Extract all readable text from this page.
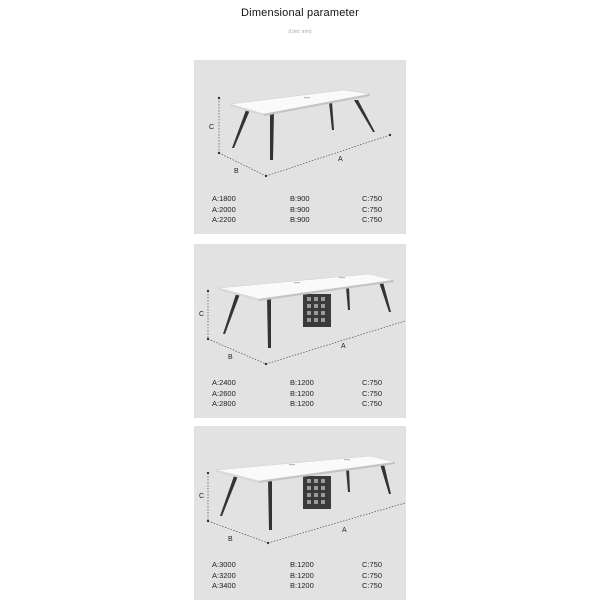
Dimensional parameter
(Unit: mm)
C
B
A
A:1800	B:900	C:750
A:2000	B:900	C:750
A:2200	B:900	C:750
C
B
A
A:2400	B:1200	C:750
A:2600	B:1200	C:750
A:2800	B:1200	C:750
C
B
A
A:3000	B:1200	C:750
A:3200	B:1200	C:750
A:3400	B:1200	C:750
